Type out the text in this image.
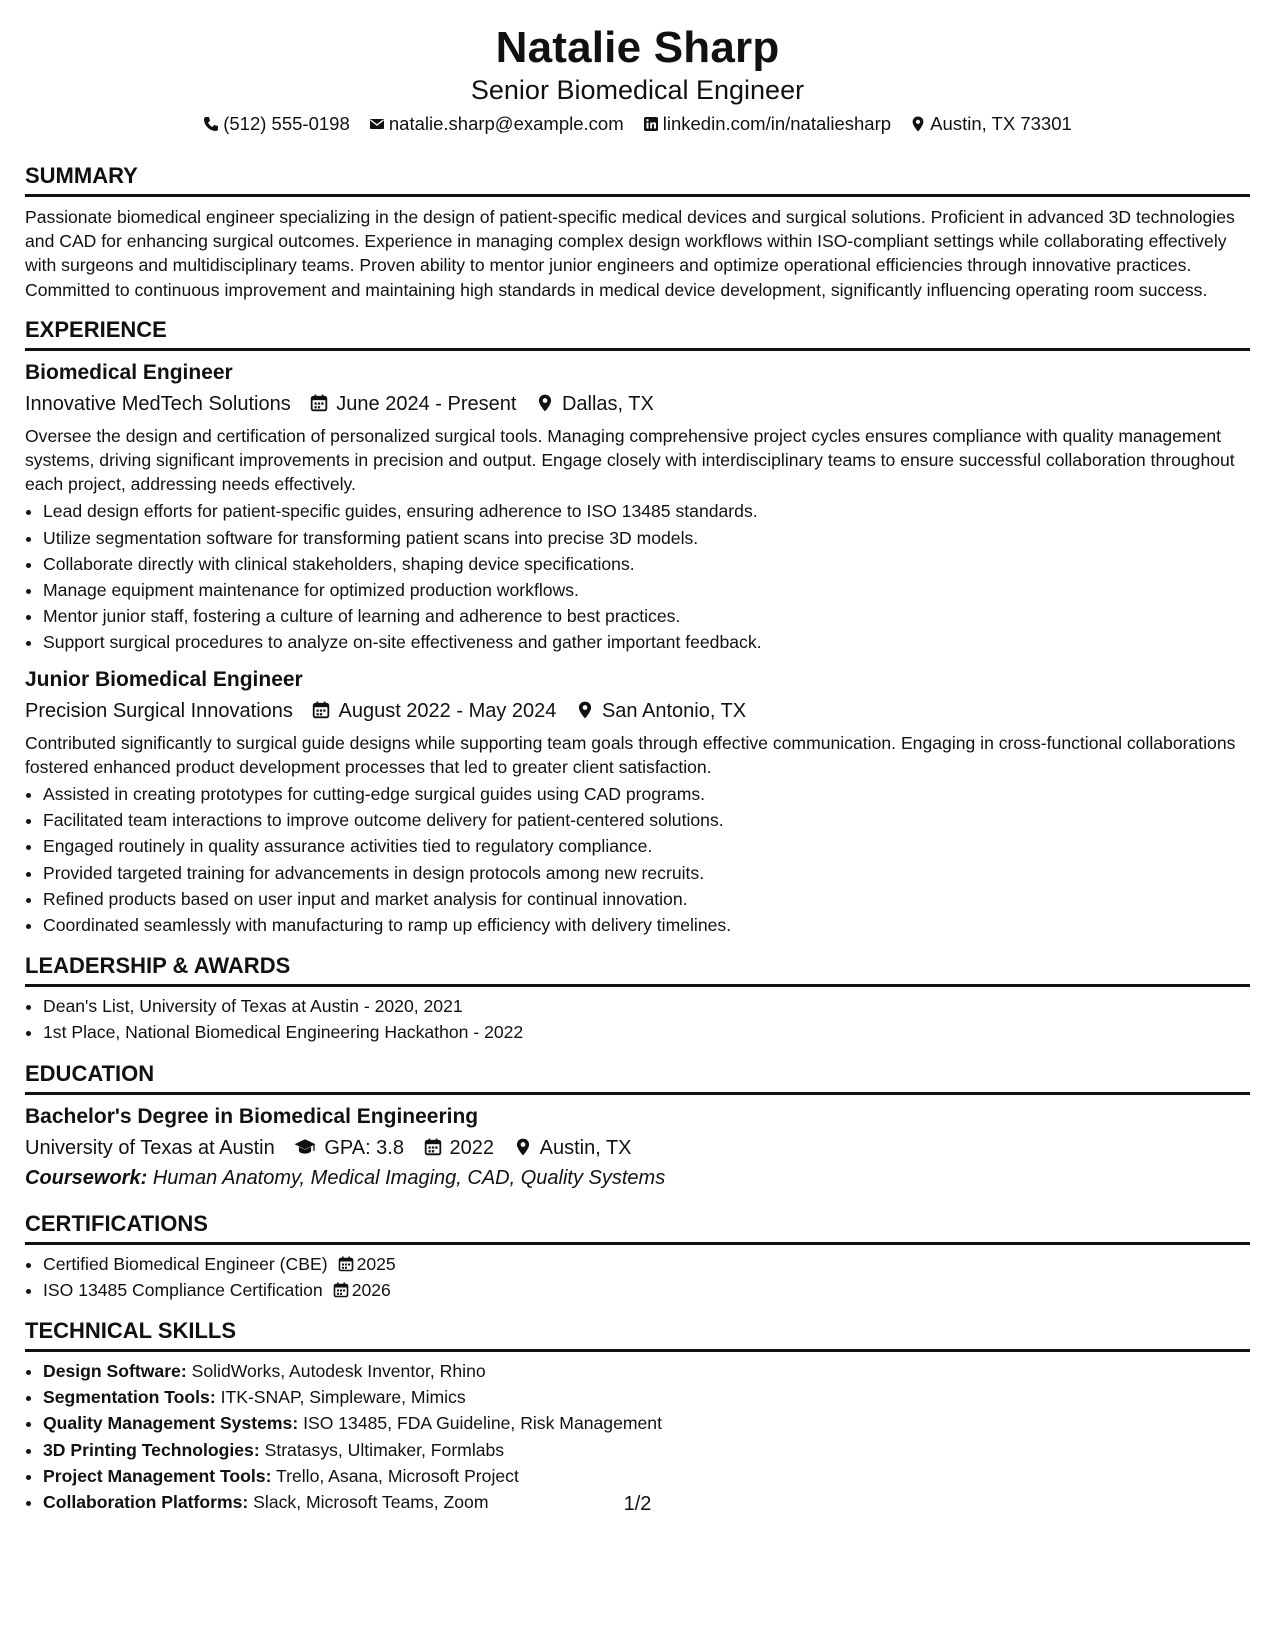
Natalie Sharp
Senior Biomedical Engineer
(512) 555-0198 natalie.sharp@example.com linkedin.com/in/nataliesharp Austin, TX 73301
SUMMARY

Passionate biomedical engineer specializing in the design of patient-specific medical devices and surgical solutions. Proficient in advanced 3D technologies and CAD for enhancing surgical outcomes. Experience in managing complex design workflows within ISO-compliant settings while collaborating effectively with surgeons and multidisciplinary teams. Proven ability to mentor junior engineers and optimize operational efficiencies through innovative practices. Committed to continuous improvement and maintaining high standards in medical device development, significantly influencing operating room success.

EXPERIENCE
Biomedical Engineer
Innovative MedTech Solutions June 2024 - Present Dallas, TX

Oversee the design and certification of personalized surgical tools. Managing comprehensive project cycles ensures compliance with quality management systems, driving significant improvements in precision and output. Engage closely with interdisciplinary teams to ensure successful collaboration throughout each project, addressing needs effectively.

• Lead design efforts for patient-specific guides, ensuring adherence to ISO 13485 standards.
• Utilize segmentation software for transforming patient scans into precise 3D models.
• Collaborate directly with clinical stakeholders, shaping device specifications.
• Manage equipment maintenance for optimized production workflows.
• Mentor junior staff, fostering a culture of learning and adherence to best practices.
• Support surgical procedures to analyze on-site effectiveness and gather important feedback.
Junior Biomedical Engineer
Precision Surgical Innovations August 2022 - May 2024 San Antonio, TX

Contributed significantly to surgical guide designs while supporting team goals through effective communication. Engaging in cross-functional collaborations fostered enhanced product development processes that led to greater client satisfaction.

• Assisted in creating prototypes for cutting-edge surgical guides using CAD programs.
• Facilitated team interactions to improve outcome delivery for patient-centered solutions.
• Engaged routinely in quality assurance activities tied to regulatory compliance.
• Provided targeted training for advancements in design protocols among new recruits.
• Refined products based on user input and market analysis for continual innovation.
• Coordinated seamlessly with manufacturing to ramp up efficiency with delivery timelines.
LEADERSHIP & AWARDS
• Dean's List, University of Texas at Austin - 2020, 2021
• 1st Place, National Biomedical Engineering Hackathon - 2022
EDUCATION
Bachelor's Degree in Biomedical Engineering
University of Texas at Austin GPA: 3.8 2022 Austin, TX
Coursework: Human Anatomy, Medical Imaging, CAD, Quality Systems
CERTIFICATIONS
• Certified Biomedical Engineer (CBE) 2025
• ISO 13485 Compliance Certification 2026
TECHNICAL SKILLS
• Design Software: SolidWorks, Autodesk Inventor, Rhino
• Segmentation Tools: ITK-SNAP, Simpleware, Mimics
• Quality Management Systems: ISO 13485, FDA Guideline, Risk Management
• 3D Printing Technologies: Stratasys, Ultimaker, Formlabs
• Project Management Tools: Trello, Asana, Microsoft Project
• Collaboration Platforms: Slack, Microsoft Teams, Zoom	1/2
